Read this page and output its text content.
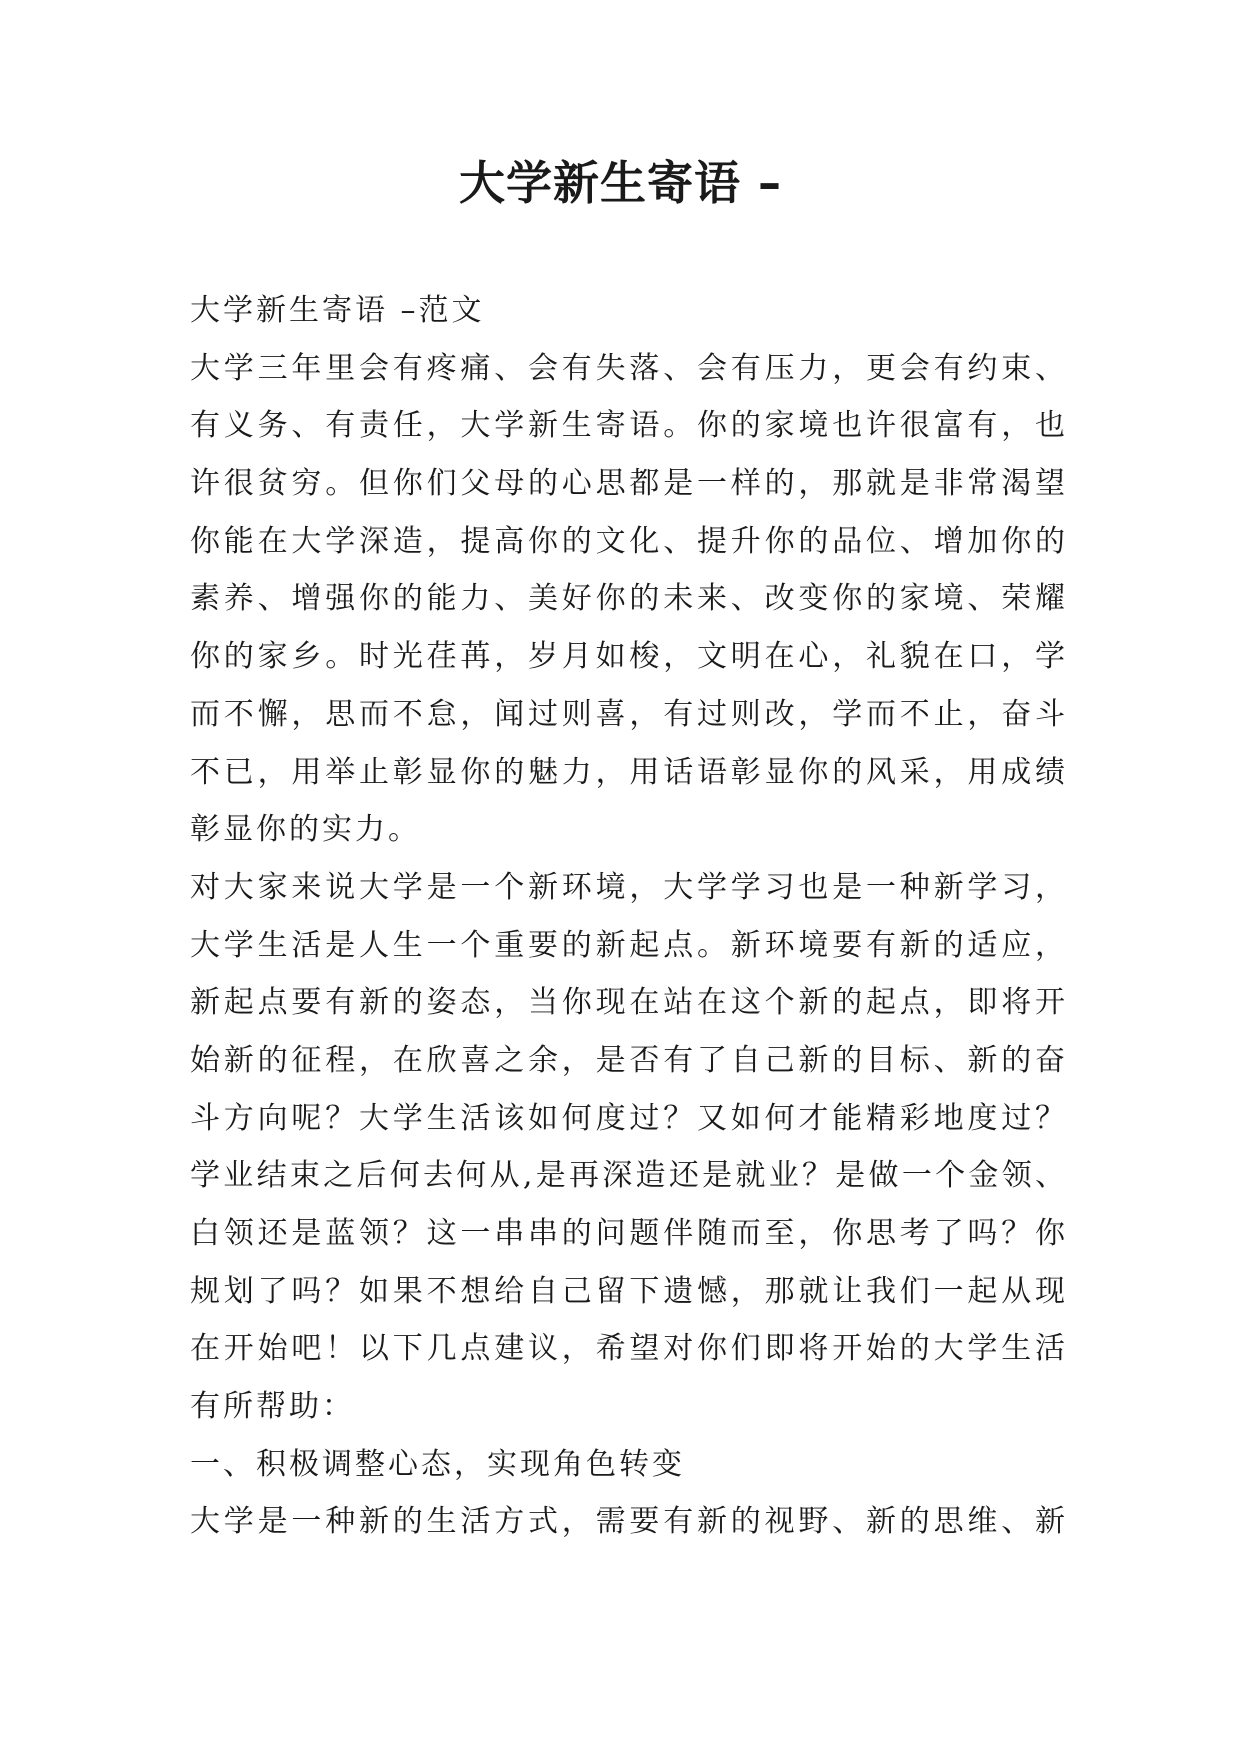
大学新生寄语 –
大学新生寄语 –范文
大学三年里会有疼痛、会有失落、会有压力，更会有约束、
有义务、有责任，大学新生寄语。你的家境也许很富有，也
许很贫穷。但你们父母的心思都是一样的，那就是非常渴望
你能在大学深造，提高你的文化、提升你的品位、增加你的
素养、增强你的能力、美好你的未来、改变你的家境、荣耀
你的家乡。时光荏苒，岁月如梭，文明在心，礼貌在口，学
而不懈，思而不怠，闻过则喜，有过则改，学而不止，奋斗
不已，用举止彰显你的魅力，用话语彰显你的风采，用成绩
彰显你的实力。
对大家来说大学是一个新环境，大学学习也是一种新学习，
大学生活是人生一个重要的新起点。新环境要有新的适应，
新起点要有新的姿态，当你现在站在这个新的起点，即将开
始新的征程，在欣喜之余，是否有了自己新的目标、新的奋
斗方向呢？大学生活该如何度过？又如何才能精彩地度过？
学业结束之后何去何从,是再深造还是就业？是做一个金领、
白领还是蓝领？这一串串的问题伴随而至，你思考了吗？你
规划了吗？如果不想给自己留下遗憾，那就让我们一起从现
在开始吧！以下几点建议，希望对你们即将开始的大学生活
有所帮助：
一、积极调整心态，实现角色转变
大学是一种新的生活方式，需要有新的视野、新的思维、新
